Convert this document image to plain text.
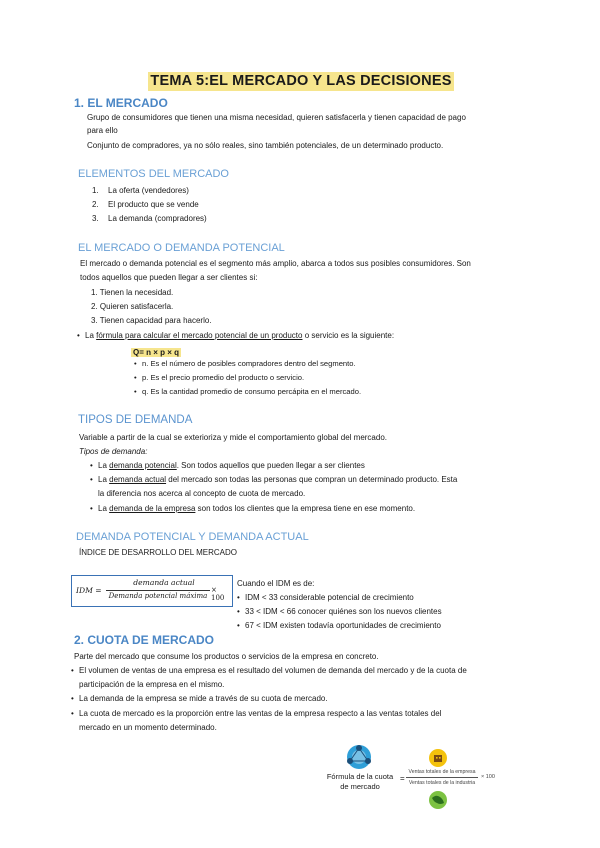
TEMA 5:EL MERCADO Y LAS DECISIONES
1. EL MERCADO
Grupo de consumidores que tienen una misma necesidad, quieren satisfacerla y tienen capacidad de pago
para ello
Conjunto de compradores, ya no sólo reales, sino también potenciales, de un determinado producto.
ELEMENTOS DEL MERCADO
1. La oferta (vendedores)
2. El producto que se vende
3. La demanda (compradores)
EL MERCADO O DEMANDA POTENCIAL
El mercado o demanda potencial es el segmento más amplio, abarca a todos sus posibles consumidores. Son
todos aquellos que pueden llegar a ser clientes si:
1. Tienen la necesidad.
2. Quieren satisfacerla.
3. Tienen capacidad para hacerlo.
• La fórmula para calcular el mercado potencial de un producto o servicio es la siguiente:
Q= n × p × q
• n. Es el número de posibles compradores dentro del segmento.
• p. Es el precio promedio del producto o servicio.
• q. Es la cantidad promedio de consumo percápita en el mercado.
TIPOS DE DEMANDA
Variable a partir de la cual se exterioriza y mide el comportamiento global del mercado.
Tipos de demanda:
• La demanda potencial. Son todos aquellos que pueden llegar a ser clientes
• La demanda actual del mercado son todas las personas que compran un determinado producto. Esta
la diferencia nos acerca al concepto de cuota de mercado.
• La demanda de la empresa son todos los clientes que la empresa tiene en ese momento.
DEMANDA POTENCIAL Y DEMANDA ACTUAL
ÍNDICE DE DESARROLLO DEL MERCADO
IDM =
demanda actual
Demanda potencial máxima
× 100
Cuando el IDM es de:
• IDM < 33 considerable potencial de crecimiento
• 33 < IDM < 66 conocer quiénes son los nuevos clientes
• 67 < IDM existen todavía oportunidades de crecimiento
2. CUOTA DE MERCADO
Parte del mercado que consume los productos o servicios de la empresa en concreto.
• El volumen de ventas de una empresa es el resultado del volumen de demanda del mercado y de la cuota de
participación de la empresa en el mismo.
• La demanda de la empresa se mide a través de su cuota de mercado.
• La cuota de mercado es la proporción entre las ventas de la empresa respecto a las ventas totales del
mercado en un momento determinado.
Fórmula de la cuota
de mercado
=
Ventas totales de la empresa
Ventas totales de la industria
× 100
